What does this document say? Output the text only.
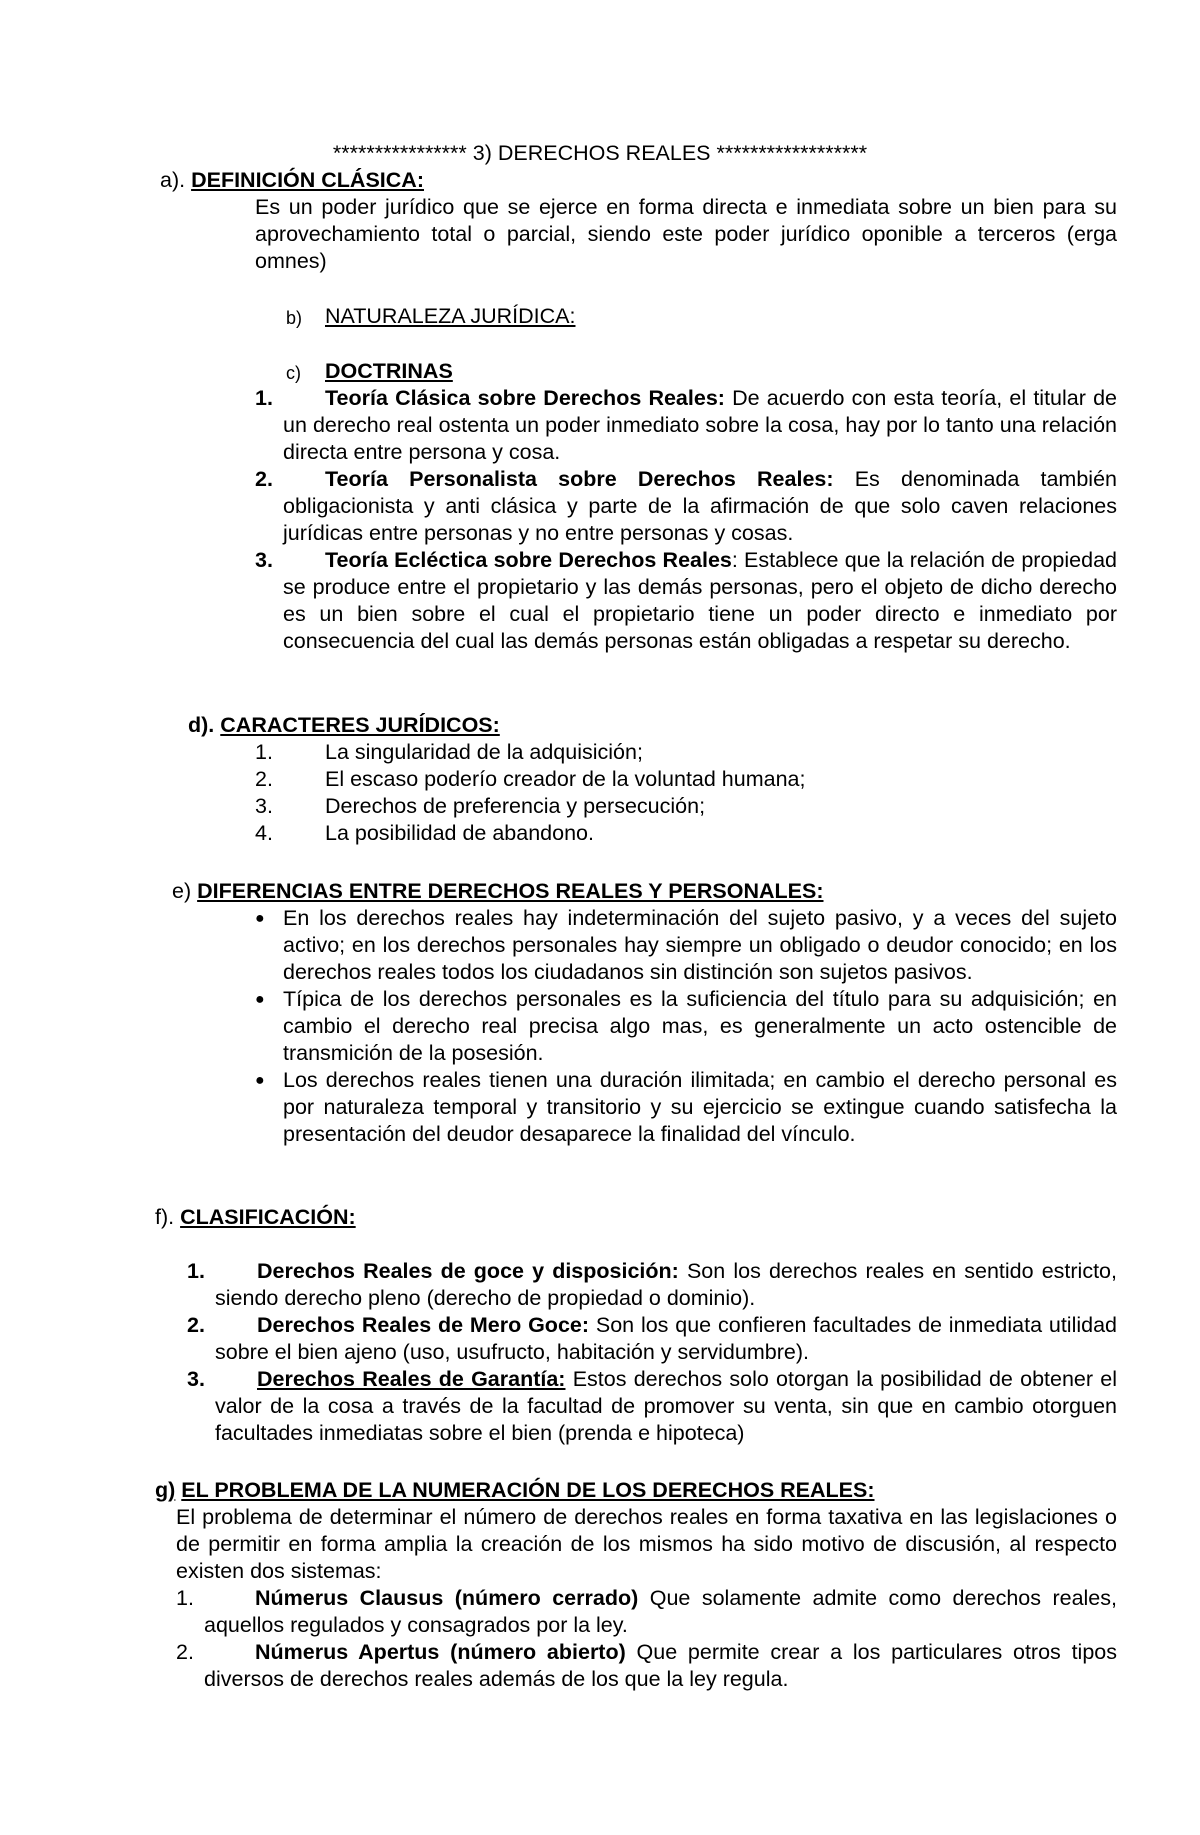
**************** 3) DERECHOS REALES ******************
a). DEFINICIÓN CLÁSICA:
Es un poder jurídico que se ejerce en forma directa e inmediata sobre un bien para su aprovechamiento total o parcial, siendo este poder jurídico oponible a terceros (erga omnes)
b) NATURALEZA JURÍDICA:
c) DOCTRINAS
1.	Teoría Clásica sobre Derechos Reales: De acuerdo con esta teoría, el titular de un derecho real ostenta un poder inmediato sobre la cosa, hay por lo tanto una relación directa entre persona y cosa.
2.	Teoría Personalista sobre Derechos Reales: Es denominada también obligacionista y anti clásica y parte de la afirmación de que solo caven relaciones jurídicas entre personas y no entre personas y cosas.
3.	Teoría Ecléctica sobre Derechos Reales: Establece que la relación de propiedad se produce entre el propietario y las demás personas, pero el objeto de dicho derecho es un bien sobre el cual el propietario tiene un poder directo e inmediato por consecuencia del cual las demás personas están obligadas a respetar su derecho.
d). CARACTERES JURÍDICOS:
1. La singularidad de la adquisición;
2. El escaso poderío creador de la voluntad humana;
3. Derechos de preferencia y persecución;
4. La posibilidad de abandono.
e) DIFERENCIAS ENTRE DERECHOS REALES Y PERSONALES:
● En los derechos reales hay indeterminación del sujeto pasivo, y a veces del sujeto activo; en los derechos personales hay siempre un obligado o deudor conocido; en los derechos reales todos los ciudadanos sin distinción son sujetos pasivos.
● Típica de los derechos personales es la suficiencia del título para su adquisición; en cambio el derecho real precisa algo mas, es generalmente un acto ostencible de transmición de la posesión.
● Los derechos reales tienen una duración ilimitada; en cambio el derecho personal es por naturaleza temporal y transitorio y su ejercicio se extingue cuando satisfecha la presentación del deudor desaparece la finalidad del vínculo.
f). CLASIFICACIÓN:
1.	Derechos Reales de goce y disposición: Son los derechos reales en sentido estricto, siendo derecho pleno (derecho de propiedad o dominio).
2.	Derechos Reales de Mero Goce: Son los que confieren facultades de inmediata utilidad sobre el bien ajeno (uso, usufructo, habitación y servidumbre).
3.	Derechos Reales de Garantía: Estos derechos solo otorgan la posibilidad de obtener el valor de la cosa a través de la facultad de promover su venta, sin que en cambio otorguen facultades inmediatas sobre el bien (prenda e hipoteca)
g) EL PROBLEMA DE LA NUMERACIÓN DE LOS DERECHOS REALES:
El problema de determinar el número de derechos reales en forma taxativa en las legislaciones o de permitir en forma amplia la creación de los mismos ha sido motivo de discusión, al respecto existen dos sistemas:
1.	Númerus Clausus (número cerrado) Que solamente admite como derechos reales, aquellos regulados y consagrados por la ley.
2.	Númerus Apertus (número abierto) Que permite crear a los particulares otros tipos diversos de derechos reales además de los que la ley regula.
